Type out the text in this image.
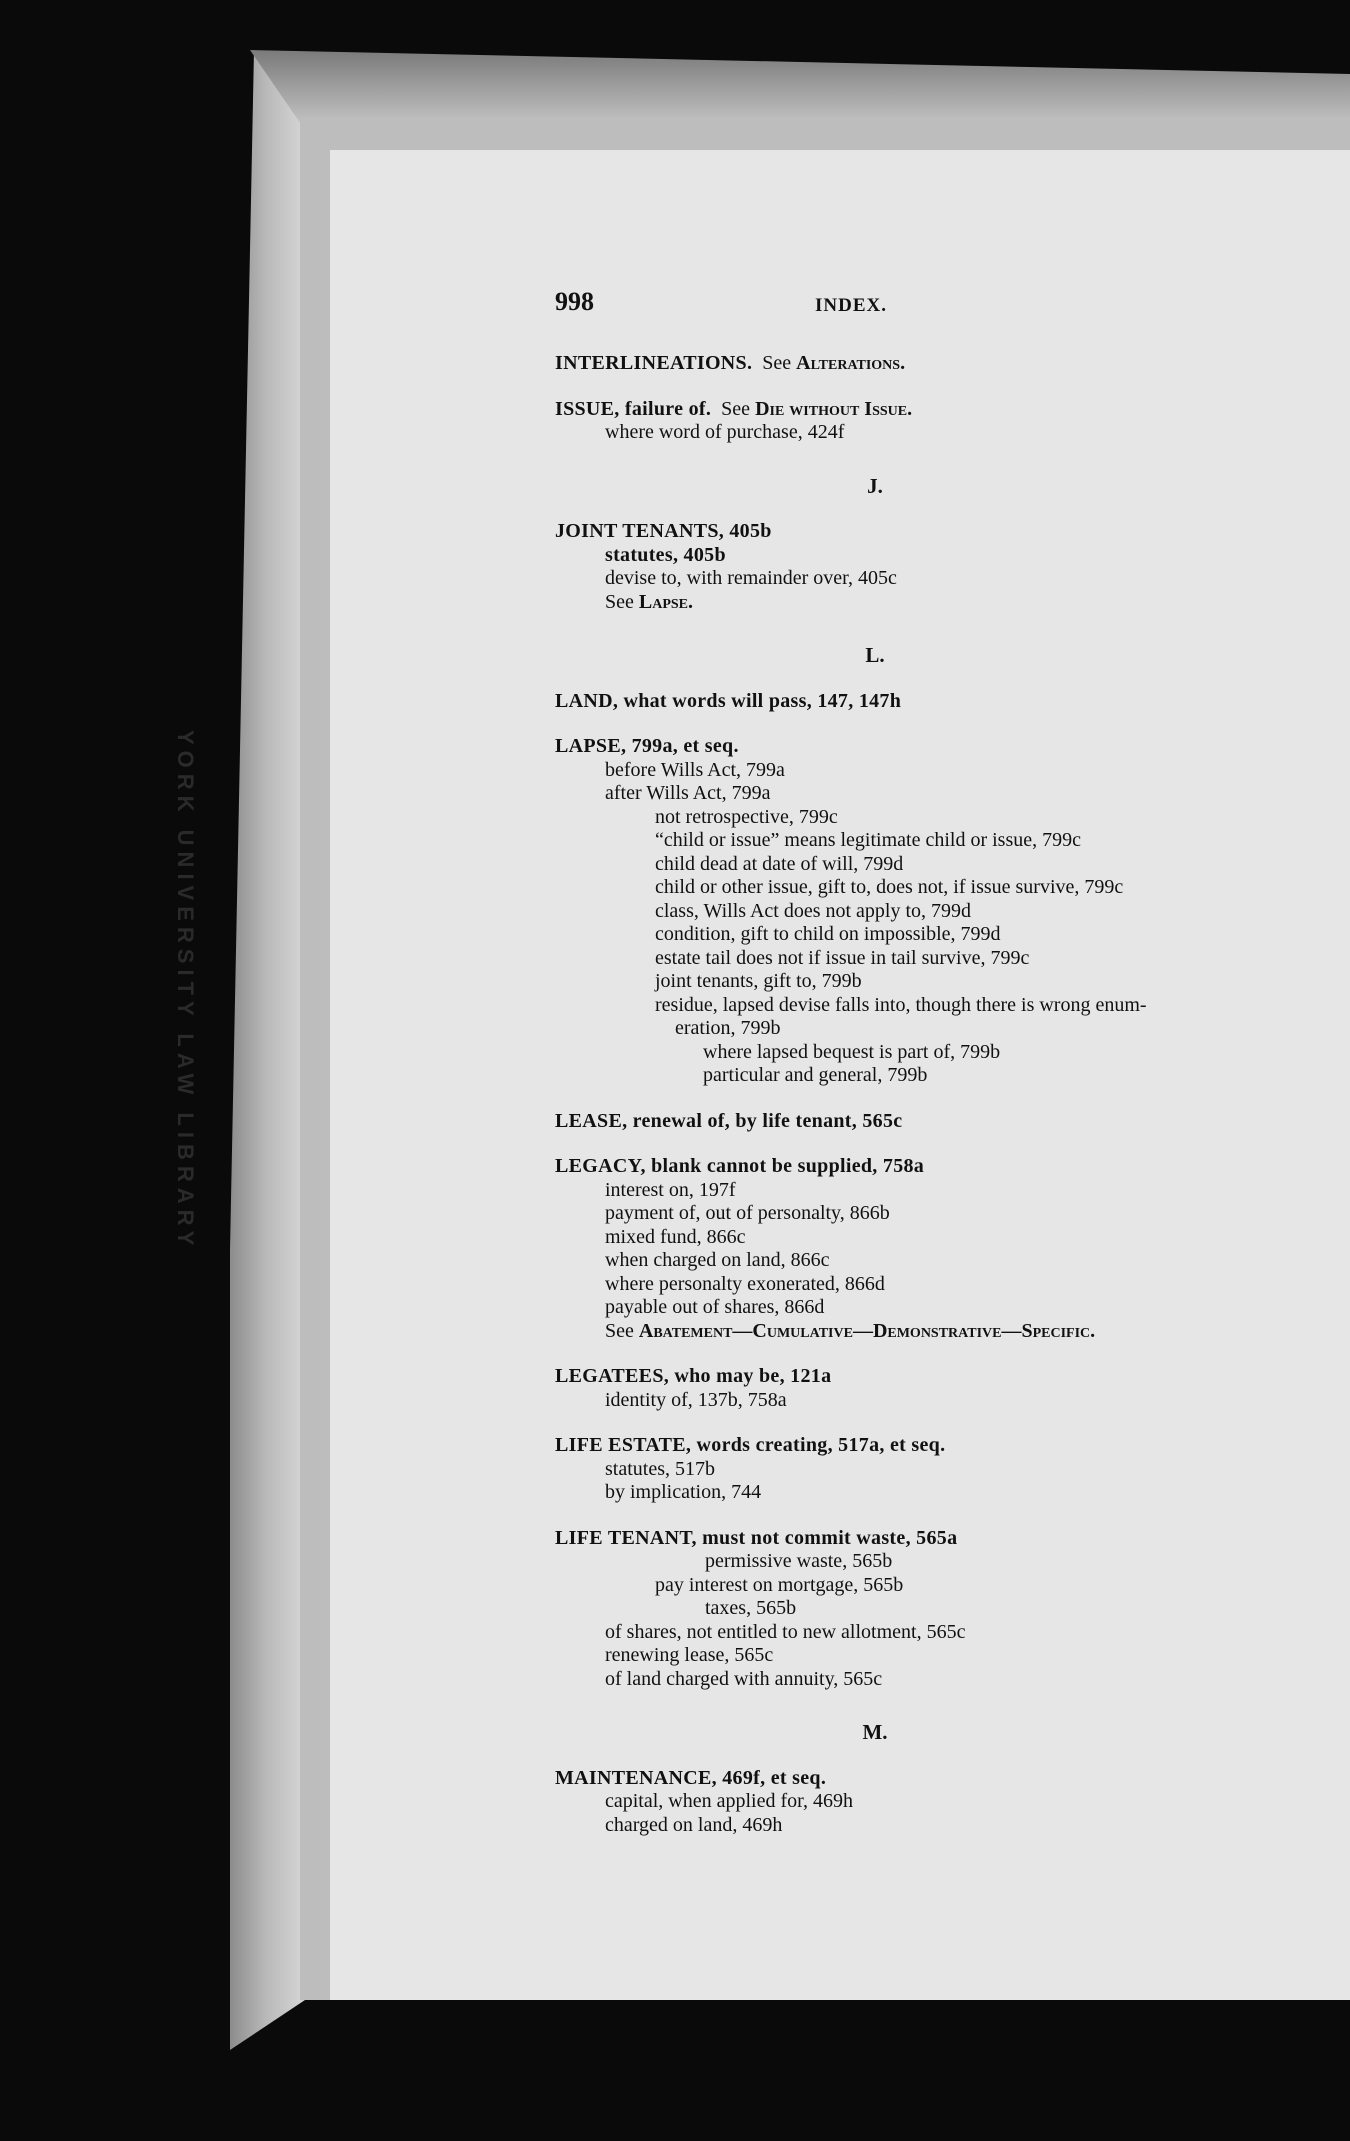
YORK UNIVERSITY LAW LIBRARY
998	INDEX.
INTERLINEATIONS. See Alterations.
ISSUE, failure of. See Die without Issue.
where word of purchase, 424f
J.
JOINT TENANTS, 405b
statutes, 405b
devise to, with remainder over, 405c
See Lapse.
L.
LAND, what words will pass, 147, 147h
LAPSE, 799a, et seq.
before Wills Act, 799a
after Wills Act, 799a
not retrospective, 799c
“child or issue” means legitimate child or issue, 799c
child dead at date of will, 799d
child or other issue, gift to, does not, if issue survive, 799c
class, Wills Act does not apply to, 799d
condition, gift to child on impossible, 799d
estate tail does not if issue in tail survive, 799c
joint tenants, gift to, 799b
residue, lapsed devise falls into, though there is wrong enum-
eration, 799b
where lapsed bequest is part of, 799b
particular and general, 799b
LEASE, renewal of, by life tenant, 565c
LEGACY, blank cannot be supplied, 758a
interest on, 197f
payment of, out of personalty, 866b
mixed fund, 866c
when charged on land, 866c
where personalty exonerated, 866d
payable out of shares, 866d
See Abatement—Cumulative—Demonstrative—Specific.
LEGATEES, who may be, 121a
identity of, 137b, 758a
LIFE ESTATE, words creating, 517a, et seq.
statutes, 517b
by implication, 744
LIFE TENANT, must not commit waste, 565a
permissive waste, 565b
pay interest on mortgage, 565b
taxes, 565b
of shares, not entitled to new allotment, 565c
renewing lease, 565c
of land charged with annuity, 565c
M.
MAINTENANCE, 469f, et seq.
capital, when applied for, 469h
charged on land, 469h
